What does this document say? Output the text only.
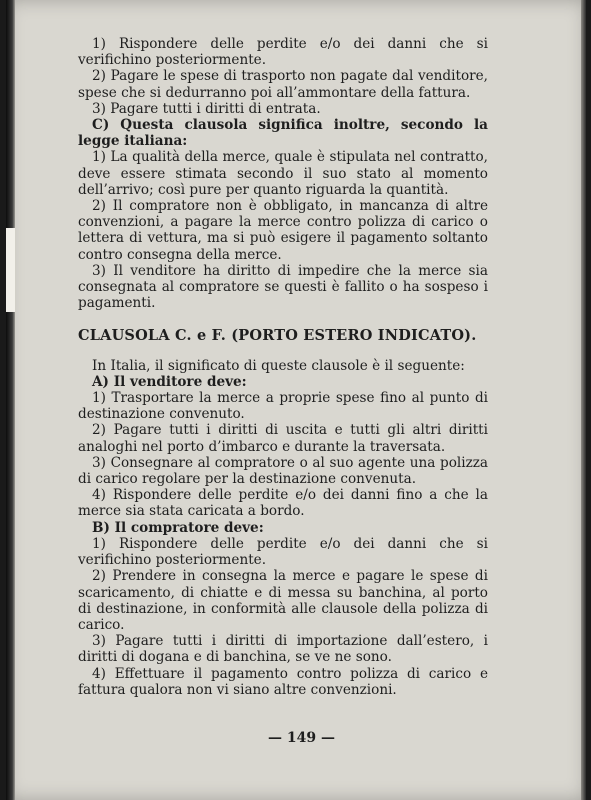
1) Rispondere delle perdite e/o dei danni che si verifichino posteriormente.

2) Pagare le spese di trasporto non pagate dal venditore, spese che si dedurranno poi all’ammontare della fattura.

3) Pagare tutti i diritti di entrata.

C) Questa clausola significa inoltre, secondo la legge italiana:

1) La qualità della merce, quale è stipulata nel contratto, deve essere stimata secondo il suo stato al momento dell’arrivo; così pure per quanto riguarda la quantità.

2) Il compratore non è obbligato, in mancanza di altre convenzioni, a pagare la merce contro polizza di carico o lettera di vettura, ma si può esigere il pagamento soltanto contro consegna della merce.

3) Il venditore ha diritto di impedire che la merce sia consegnata al compratore se questi è fallito o ha sospeso i pagamenti.

CLAUSOLA C. e F. (PORTO ESTERO INDICATO).

In Italia, il significato di queste clausole è il seguente:

A) Il venditore deve:

1) Trasportare la merce a proprie spese fino al punto di destinazione convenuto.

2) Pagare tutti i diritti di uscita e tutti gli altri diritti analoghi nel porto d’imbarco e durante la traversata.

3) Consegnare al compratore o al suo agente una polizza di carico regolare per la destinazione convenuta.

4) Rispondere delle perdite e/o dei danni fino a che la merce sia stata caricata a bordo.

B) Il compratore deve:

1) Rispondere delle perdite e/o dei danni che si verifichino posteriormente.

2) Prendere in consegna la merce e pagare le spese di scaricamento, di chiatte e di messa su banchina, al porto di destinazione, in conformità alle clausole della polizza di carico.

3) Pagare tutti i diritti di importazione dall’estero, i diritti di dogana e di banchina, se ve ne sono.

4) Effettuare il pagamento contro polizza di carico e fattura qualora non vi siano altre convenzioni.

— 149 —
